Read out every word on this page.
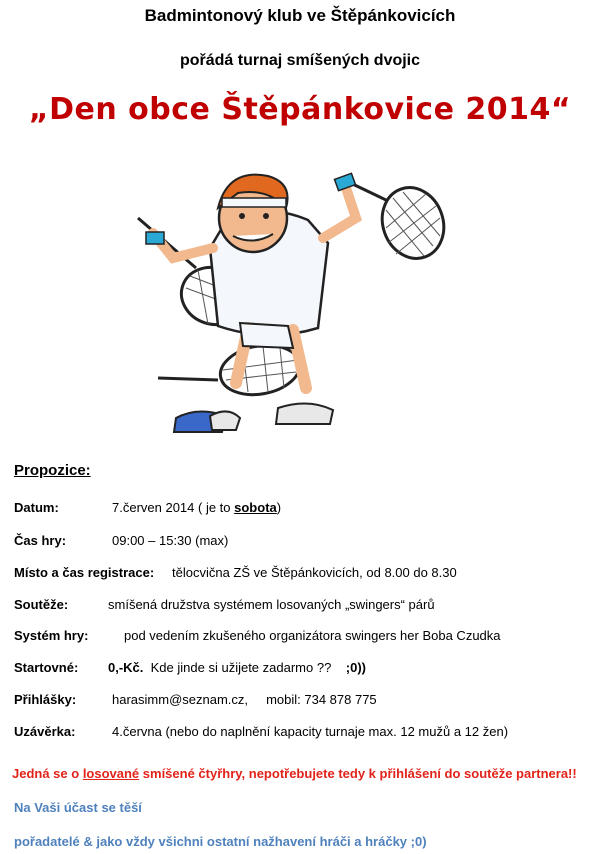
Badmintonový klub ve Štěpánkovicích
pořádá turnaj smíšených dvojic
„Den obce Štěpánkovice 2014“
Propozice:
Datum:	7.červen 2014 ( je to sobota)
Čas hry:	09:00 – 15:30 (max)
Místo a čas registrace: tělocvična ZŠ ve Štěpánkovicích, od 8.00 do 8.30
Soutěže:	smíšená družstva systémem losovaných „swingers“ párů
Systém hry:	pod vedením zkušeného organizátora swingers her Boba Czudka
Startovné: 0,-Kč. Kde jinde si užijete zadarmo ?? ;0))
Přihlášky:	harasimm@seznam.cz, mobil: 734 878 775
Uzávěrka:	4.června (nebo do naplnění kapacity turnaje max. 12 mužů a 12 žen)
Jedná se o losované smíšené čtyřhry, nepotřebujete tedy k přihlášení do soutěže partnera!!
Na Vaši účast se těší
pořadatelé & jako vždy všichni ostatní nažhavení hráči a hráčky ;0)
